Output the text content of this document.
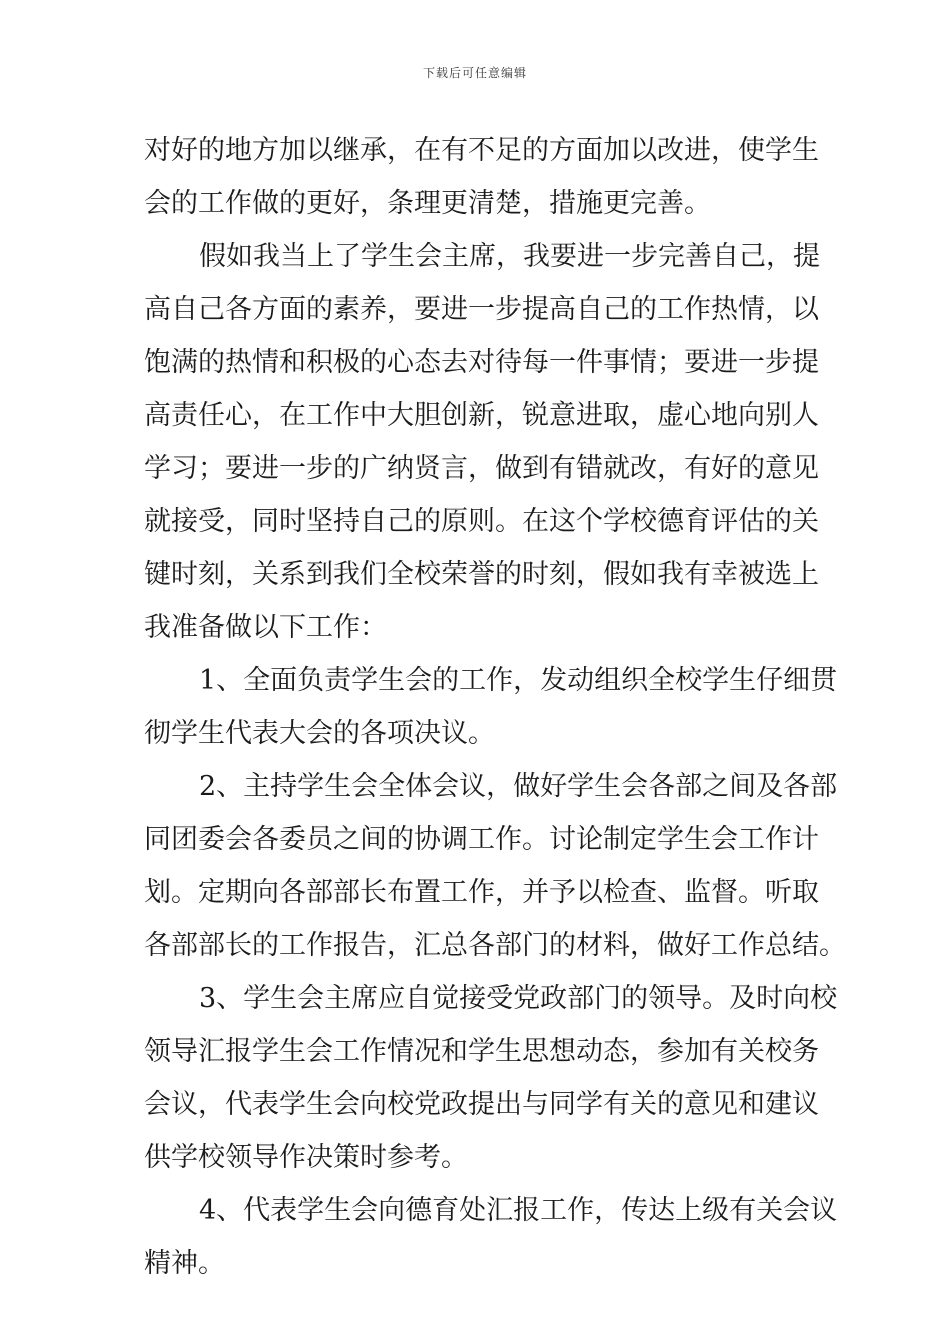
下载后可任意编辑
对好的地方加以继承，在有不足的方面加以改进，使学生
会的工作做的更好，条理更清楚，措施更完善。
假如我当上了学生会主席，我要进一步完善自己，提
高自己各方面的素养，要进一步提高自己的工作热情，以
饱满的热情和积极的心态去对待每一件事情；要进一步提
高责任心，在工作中大胆创新，锐意进取，虚心地向别人
学习；要进一步的广纳贤言，做到有错就改，有好的意见
就接受，同时坚持自己的原则。在这个学校德育评估的关
键时刻，关系到我们全校荣誉的时刻，假如我有幸被选上
我准备做以下工作：
1、全面负责学生会的工作，发动组织全校学生仔细贯
彻学生代表大会的各项决议。
2、主持学生会全体会议，做好学生会各部之间及各部
同团委会各委员之间的协调工作。讨论制定学生会工作计
划。定期向各部部长布置工作，并予以检查、监督。听取
各部部长的工作报告，汇总各部门的材料，做好工作总结。
3、学生会主席应自觉接受党政部门的领导。及时向校
领导汇报学生会工作情况和学生思想动态，参加有关校务
会议，代表学生会向校党政提出与同学有关的意见和建议
供学校领导作决策时参考。
4、代表学生会向德育处汇报工作，传达上级有关会议
精神。
